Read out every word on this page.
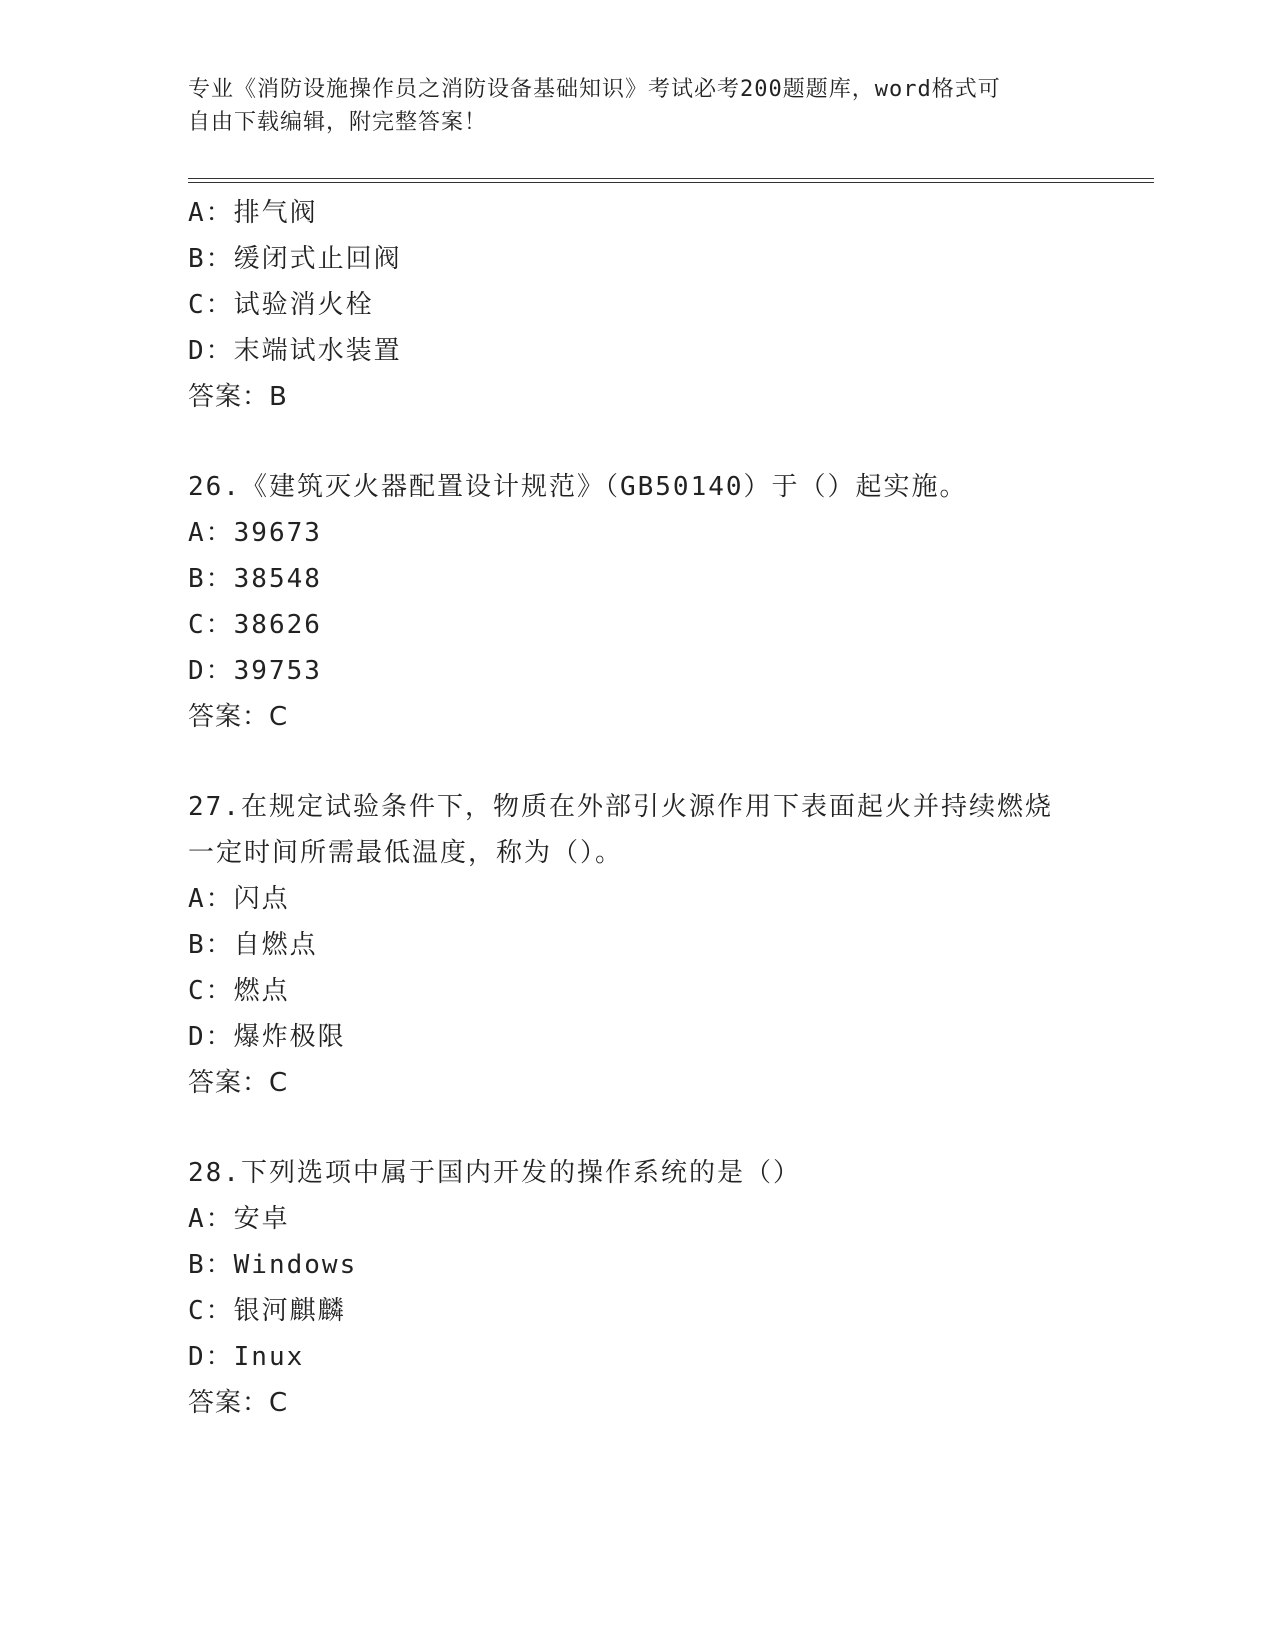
专业《消防设施操作员之消防设备基础知识》考试必考200题题库，word格式可
自由下载编辑，附完整答案！
A：排气阀
B：缓闭式止回阀
C：试验消火栓
D：末端试水装置
答案：B
26.《建筑灭火器配置设计规范》（GB50140）于（）起实施。
A：39673
B：38548
C：38626
D：39753
答案：C
27.在规定试验条件下，物质在外部引火源作用下表面起火并持续燃烧
一定时间所需最低温度，称为（）。
A：闪点
B：自燃点
C：燃点
D：爆炸极限
答案：C
28.下列选项中属于国内开发的操作系统的是（）
A：安卓
B：Windows
C：银河麒麟
D：Inux
答案：C
